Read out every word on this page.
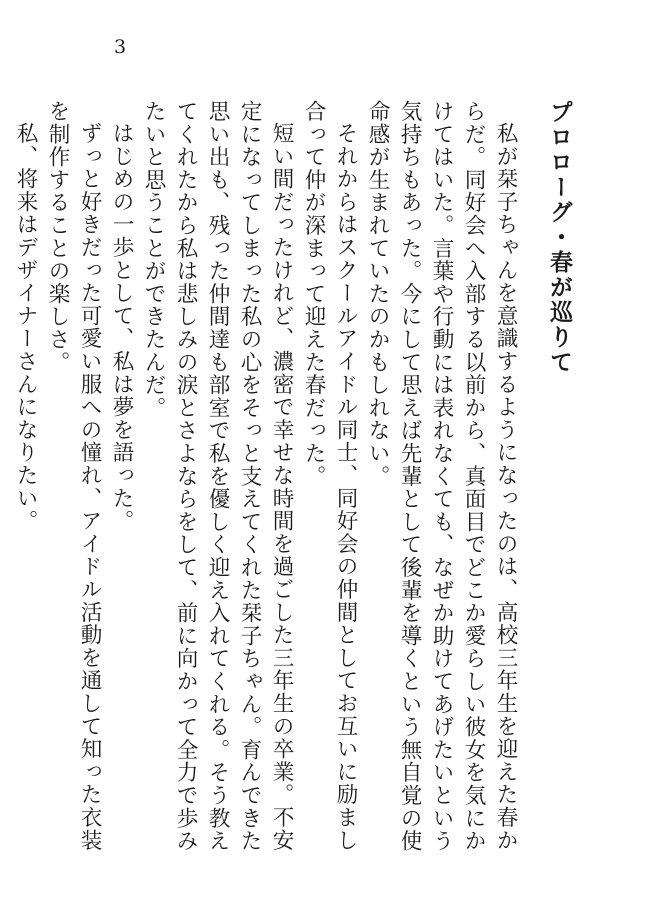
3
プロローグ・春が巡りて

私が栞子ちゃんを意識するようになったのは、高校三年生を迎えた春からだ。同好会へ入部する以前から、真面目でどこか愛らしい彼女を気にかけてはいた。言葉や行動には表れなくても、なぜか助けてあげたいという気持ちもあった。今にして思えば先輩として後輩を導くという無自覚の使命感が生まれていたのかもしれない。

それからはスクールアイドル同士、同好会の仲間としてお互いに励まし合って仲が深まって迎えた春だった。

短い間だったけれど、濃密で幸せな時間を過ごした三年生の卒業。不安定になってしまった私の心をそっと支えてくれた栞子ちゃん。育んできた思い出も、残った仲間達も部室で私を優しく迎え入れてくれる。そう教えてくれたから私は悲しみの涙とさよならをして、前に向かって全力で歩みたいと思うことができたんだ。

はじめの一歩として、私は夢を語った。

ずっと好きだった可愛い服への憧れ、アイドル活動を通して知った衣装を制作することの楽しさ。

私、将来はデザイナーさんになりたい。
